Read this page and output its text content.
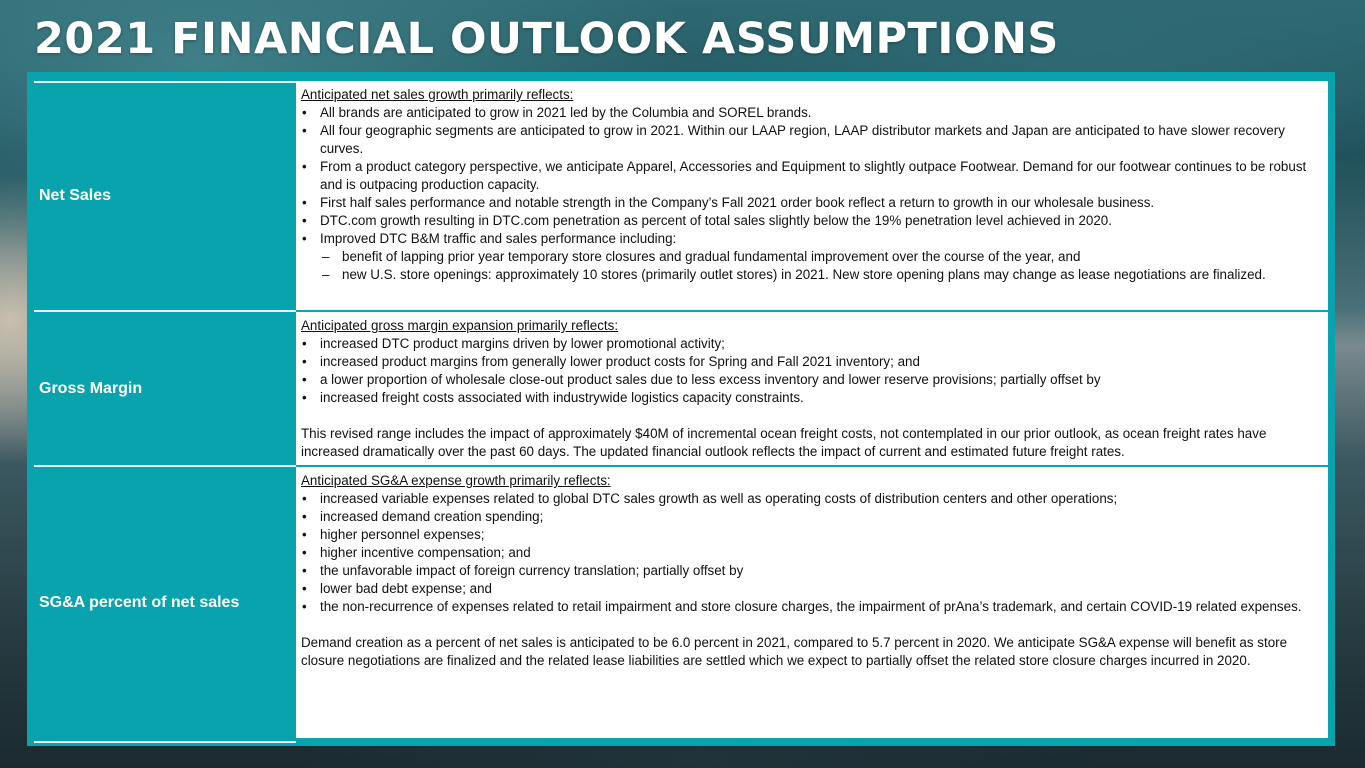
2021 FINANCIAL OUTLOOK ASSUMPTIONS
Net Sales
Anticipated net sales growth primarily reflects:
• All brands are anticipated to grow in 2021 led by the Columbia and SOREL brands.
• All four geographic segments are anticipated to grow in 2021. Within our LAAP region, LAAP distributor markets and Japan are anticipated to have slower recovery curves.
• From a product category perspective, we anticipate Apparel, Accessories and Equipment to slightly outpace Footwear. Demand for our footwear continues to be robust and is outpacing production capacity.
• First half sales performance and notable strength in the Company’s Fall 2021 order book reflect a return to growth in our wholesale business.
• DTC.com growth resulting in DTC.com penetration as percent of total sales slightly below the 19% penetration level achieved in 2020.
• Improved DTC B&M traffic and sales performance including:
– benefit of lapping prior year temporary store closures and gradual fundamental improvement over the course of the year, and
– new U.S. store openings: approximately 10 stores (primarily outlet stores) in 2021. New store opening plans may change as lease negotiations are finalized.
Gross Margin
Anticipated gross margin expansion primarily reflects:
• increased DTC product margins driven by lower promotional activity;
• increased product margins from generally lower product costs for Spring and Fall 2021 inventory; and
• a lower proportion of wholesale close-out product sales due to less excess inventory and lower reserve provisions; partially offset by
• increased freight costs associated with industrywide logistics capacity constraints.

This revised range includes the impact of approximately $40M of incremental ocean freight costs, not contemplated in our prior outlook, as ocean freight rates have increased dramatically over the past 60 days. The updated financial outlook reflects the impact of current and estimated future freight rates.

SG&A percent of net sales
Anticipated SG&A expense growth primarily reflects:
• increased variable expenses related to global DTC sales growth as well as operating costs of distribution centers and other operations;
• increased demand creation spending;
• higher personnel expenses;
• higher incentive compensation; and
• the unfavorable impact of foreign currency translation; partially offset by
• lower bad debt expense; and
• the non-recurrence of expenses related to retail impairment and store closure charges, the impairment of prAna’s trademark, and certain COVID-19 related expenses.

Demand creation as a percent of net sales is anticipated to be 6.0 percent in 2021, compared to 5.7 percent in 2020. We anticipate SG&A expense will benefit as store closure negotiations are finalized and the related lease liabilities are settled which we expect to partially offset the related store closure charges incurred in 2020.
